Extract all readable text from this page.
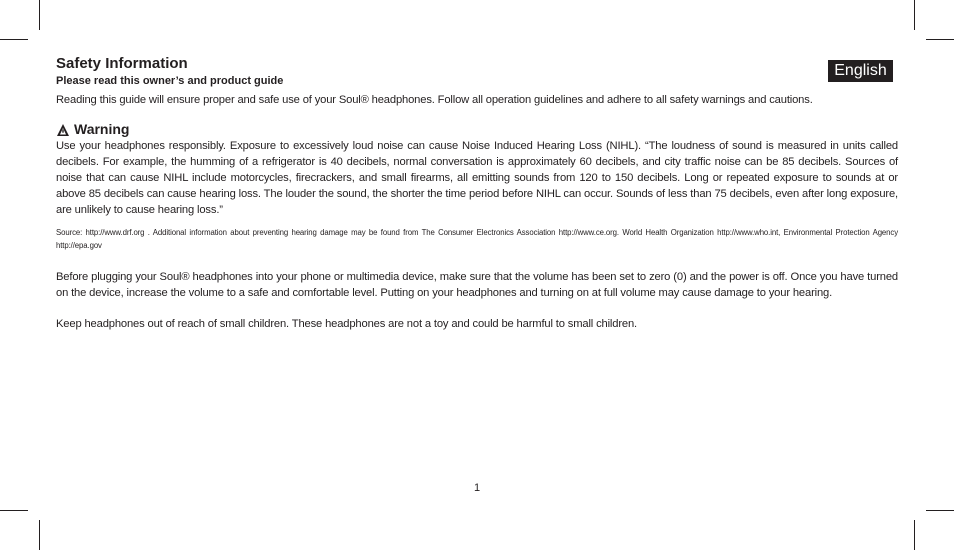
English
Safety Information

Please read this owner’s and product guide

Reading this guide will ensure proper and safe use of your Soul® headphones. Follow all operation guidelines and adhere to all safety warnings and cautions.

Warning

Use your headphones responsibly. Exposure to excessively loud noise can cause Noise Induced Hearing Loss (NIHL). “The loudness of sound is measured in units called decibels. For example, the humming of a refrigerator is 40 decibels, normal conversation is approximately 60 decibels, and city traffic noise can be 85 decibels. Sources of noise that can cause NIHL include motorcycles, firecrackers, and small firearms, all emitting sounds from 120 to 150 decibels. Long or repeated exposure to sounds at or above 85 decibels can cause hearing loss. The louder the sound, the shorter the time period before NIHL can occur. Sounds of less than 75 decibels, even after long exposure, are unlikely to cause hearing loss.”

Source: http://www.drf.org . Additional information about preventing hearing damage may be found from The Consumer Electronics Association http://www.ce.org. World Health Organization http://www.who.int, Environmental Protection Agency http://epa.gov

Before plugging your Soul® headphones into your phone or multimedia device, make sure that the volume has been set to zero (0) and the power is off. Once you have turned on the device, increase the volume to a safe and comfortable level. Putting on your headphones and turning on at full volume may cause damage to your hearing.

Keep headphones out of reach of small children. These headphones are not a toy and could be harmful to small children.

1
